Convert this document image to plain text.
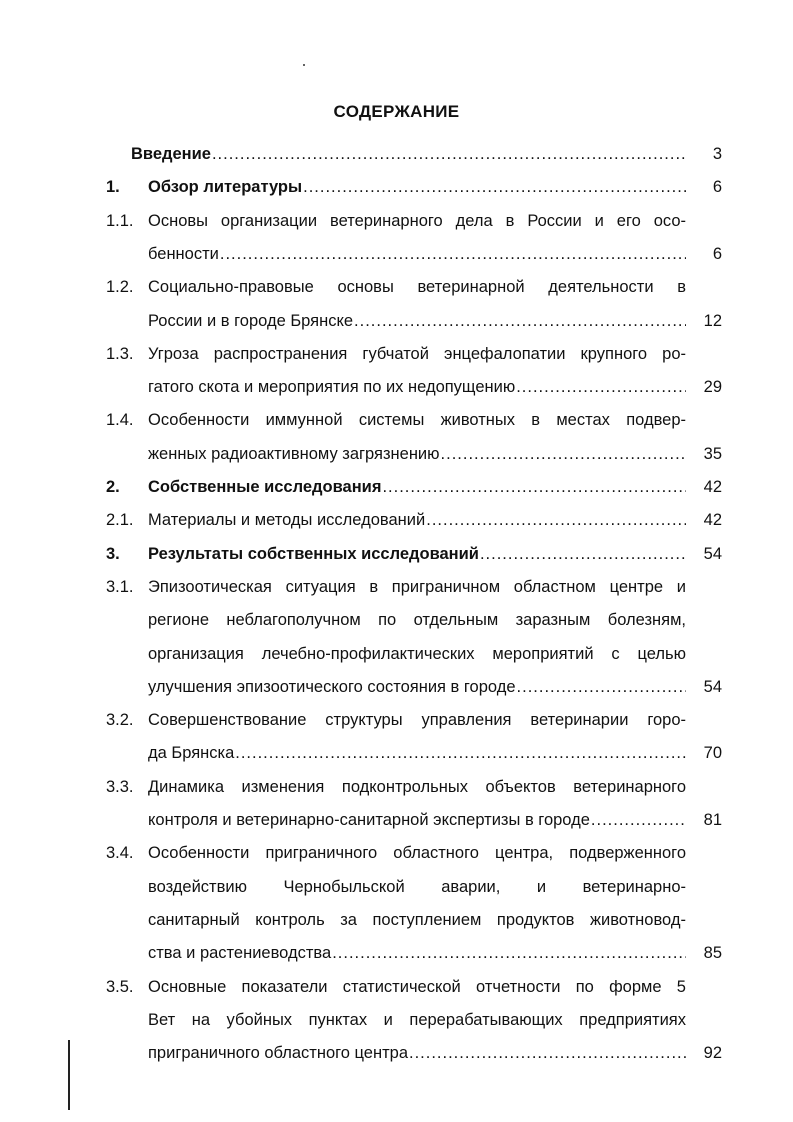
СОДЕРЖАНИЕ
Введение .....	3
1.	Обзор литературы .....	6
1.1. Основы организации ветеринарного дела в России и его осо-
бенности .....	6
1.2. Социально-правовые основы ветеринарной деятельности в
России и в городе Брянске .....	12
1.3. Угроза распространения губчатой энцефалопатии крупного ро-
гатого скота и мероприятия по их недопущению .....	29
1.4. Особенности иммунной системы животных в местах подвер-
женных радиоактивному загрязнению .....	35
2.	Собственные исследования .....	42
2.1. Материалы и методы исследований .....	42
3.	Результаты собственных исследований .....	54
3.1. Эпизоотическая ситуация в приграничном областном центре и
регионе неблагополучном по отдельным заразным болезням,
организация лечебно-профилактических мероприятий с целью
улучшения эпизоотического состояния в городе .....	54
3.2. Совершенствование структуры управления ветеринарии горо-
да Брянска .....	70
3.3. Динамика изменения подконтрольных объектов ветеринарного
контроля и ветеринарно-санитарной экспертизы в городе .....	81
3.4. Особенности приграничного областного центра, подверженного
воздействию Чернобыльской аварии, и ветеринарно-
санитарный контроль за поступлением продуктов животновод-
ства и растениеводства .....	85
3.5. Основные показатели статистической отчетности по форме 5
Вет на убойных пунктах и перерабатывающих предприятиях
приграничного областного центра .....	92
